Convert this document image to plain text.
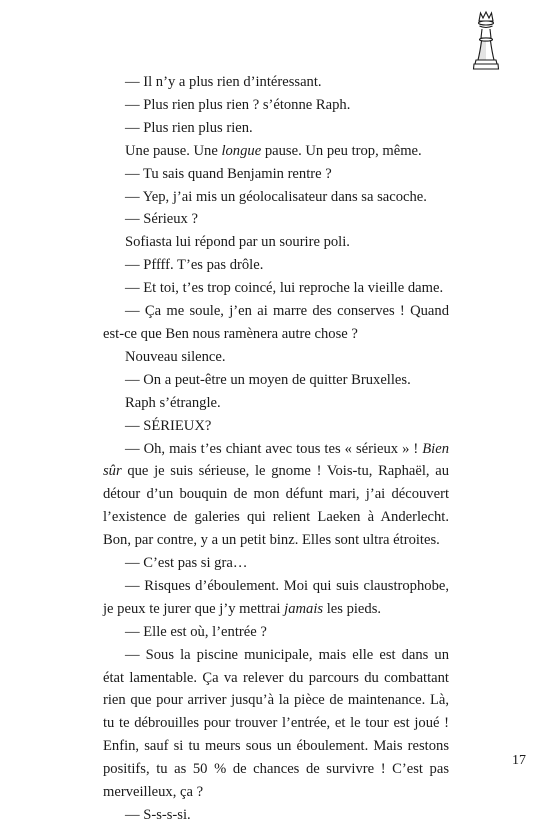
— Il n’y a plus rien d’intéressant.

— Plus rien plus rien ? s’étonne Raph.

— Plus rien plus rien.

Une pause. Une longue pause. Un peu trop, même.

— Tu sais quand Benjamin rentre ?

— Yep, j’ai mis un géolocalisateur dans sa sacoche.

— Sérieux ?

Sofiasta lui répond par un sourire poli.

— Pffff. T’es pas drôle.

— Et toi, t’es trop coincé, lui reproche la vieille dame.

— Ça me soule, j’en ai marre des conserves ! Quand est-ce que Ben nous ramènera autre chose ?

Nouveau silence.

— On a peut-être un moyen de quitter Bruxelles.

Raph s’étrangle.

— SÉRIEUX?

— Oh, mais t’es chiant avec tous tes « sérieux » ! Bien sûr que je suis sérieuse, le gnome ! Vois-tu, Raphaël, au détour d’un bouquin de mon défunt mari, j’ai découvert l’existence de galeries qui relient Laeken à Anderlecht. Bon, par contre, y a un petit binz. Elles sont ultra étroites.

— C’est pas si gra…

— Risques d’éboulement. Moi qui suis claustrophobe, je peux te jurer que j’y mettrai jamais les pieds.

— Elle est où, l’entrée ?

— Sous la piscine municipale, mais elle est dans un état lamentable. Ça va relever du parcours du combattant rien que pour arriver jusqu’à la pièce de maintenance. Là, tu te débrouilles pour trouver l’entrée, et le tour est joué ! Enfin, sauf si tu meurs sous un éboulement. Mais restons positifs, tu as 50 % de chances de survivre ! C’est pas merveilleux, ça ?

— S-s-s-si.

17
